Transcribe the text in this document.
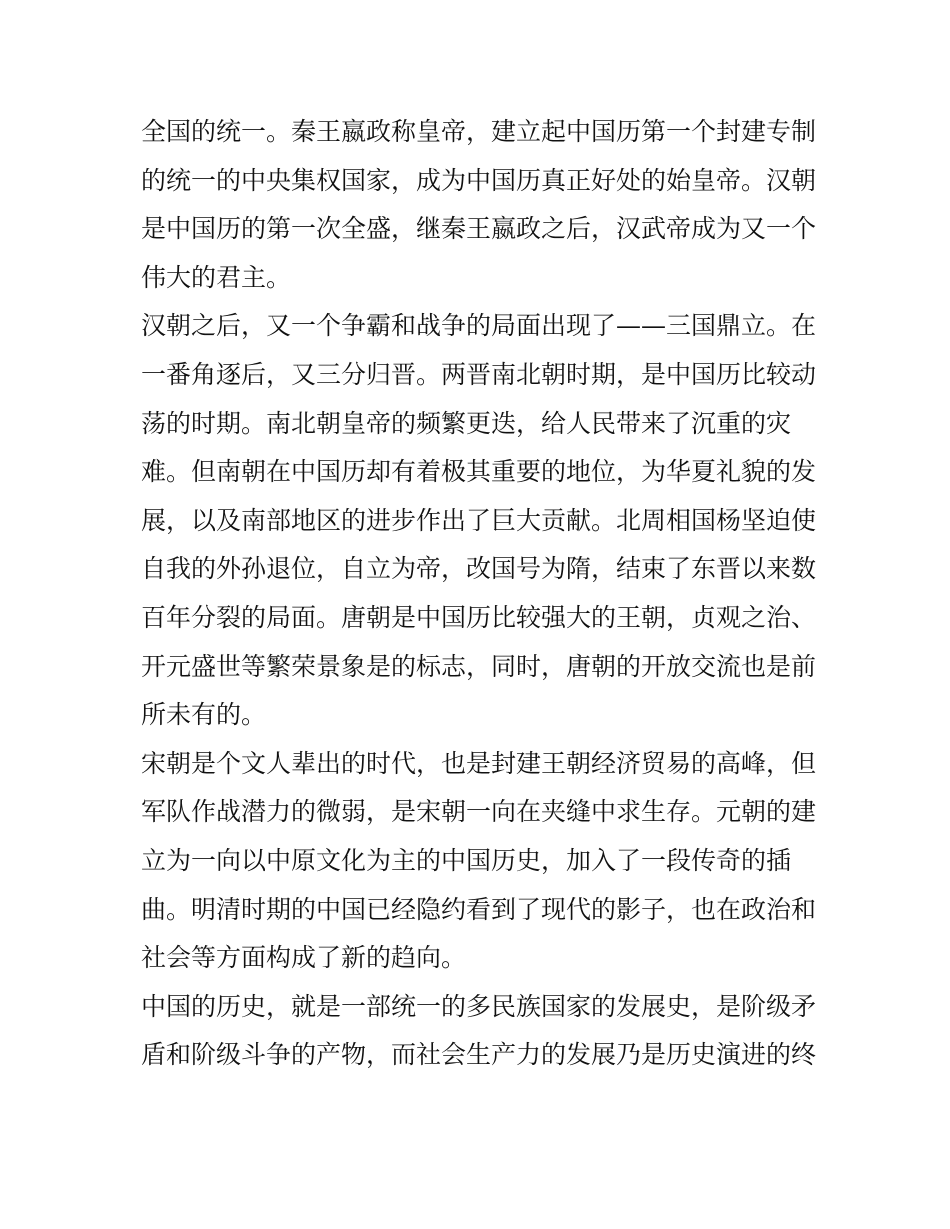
全国的统一。秦王嬴政称皇帝，建立起中国历第一个封建专制
的统一的中央集权国家，成为中国历真正好处的始皇帝。汉朝
是中国历的第一次全盛，继秦王嬴政之后，汉武帝成为又一个
伟大的君主。
汉朝之后，又一个争霸和战争的局面出现了——三国鼎立。在
一番角逐后，又三分归晋。两晋南北朝时期，是中国历比较动
荡的时期。南北朝皇帝的频繁更迭，给人民带来了沉重的灾
难。但南朝在中国历却有着极其重要的地位，为华夏礼貌的发
展，以及南部地区的进步作出了巨大贡献。北周相国杨坚迫使
自我的外孙退位，自立为帝，改国号为隋，结束了东晋以来数
百年分裂的局面。唐朝是中国历比较强大的王朝，贞观之治、
开元盛世等繁荣景象是的标志，同时，唐朝的开放交流也是前
所未有的。
宋朝是个文人辈出的时代，也是封建王朝经济贸易的高峰，但
军队作战潜力的微弱，是宋朝一向在夹缝中求生存。元朝的建
立为一向以中原文化为主的中国历史，加入了一段传奇的插
曲。明清时期的中国已经隐约看到了现代的影子，也在政治和
社会等方面构成了新的趋向。
中国的历史，就是一部统一的多民族国家的发展史，是阶级矛
盾和阶级斗争的产物，而社会生产力的发展乃是历史演进的终
